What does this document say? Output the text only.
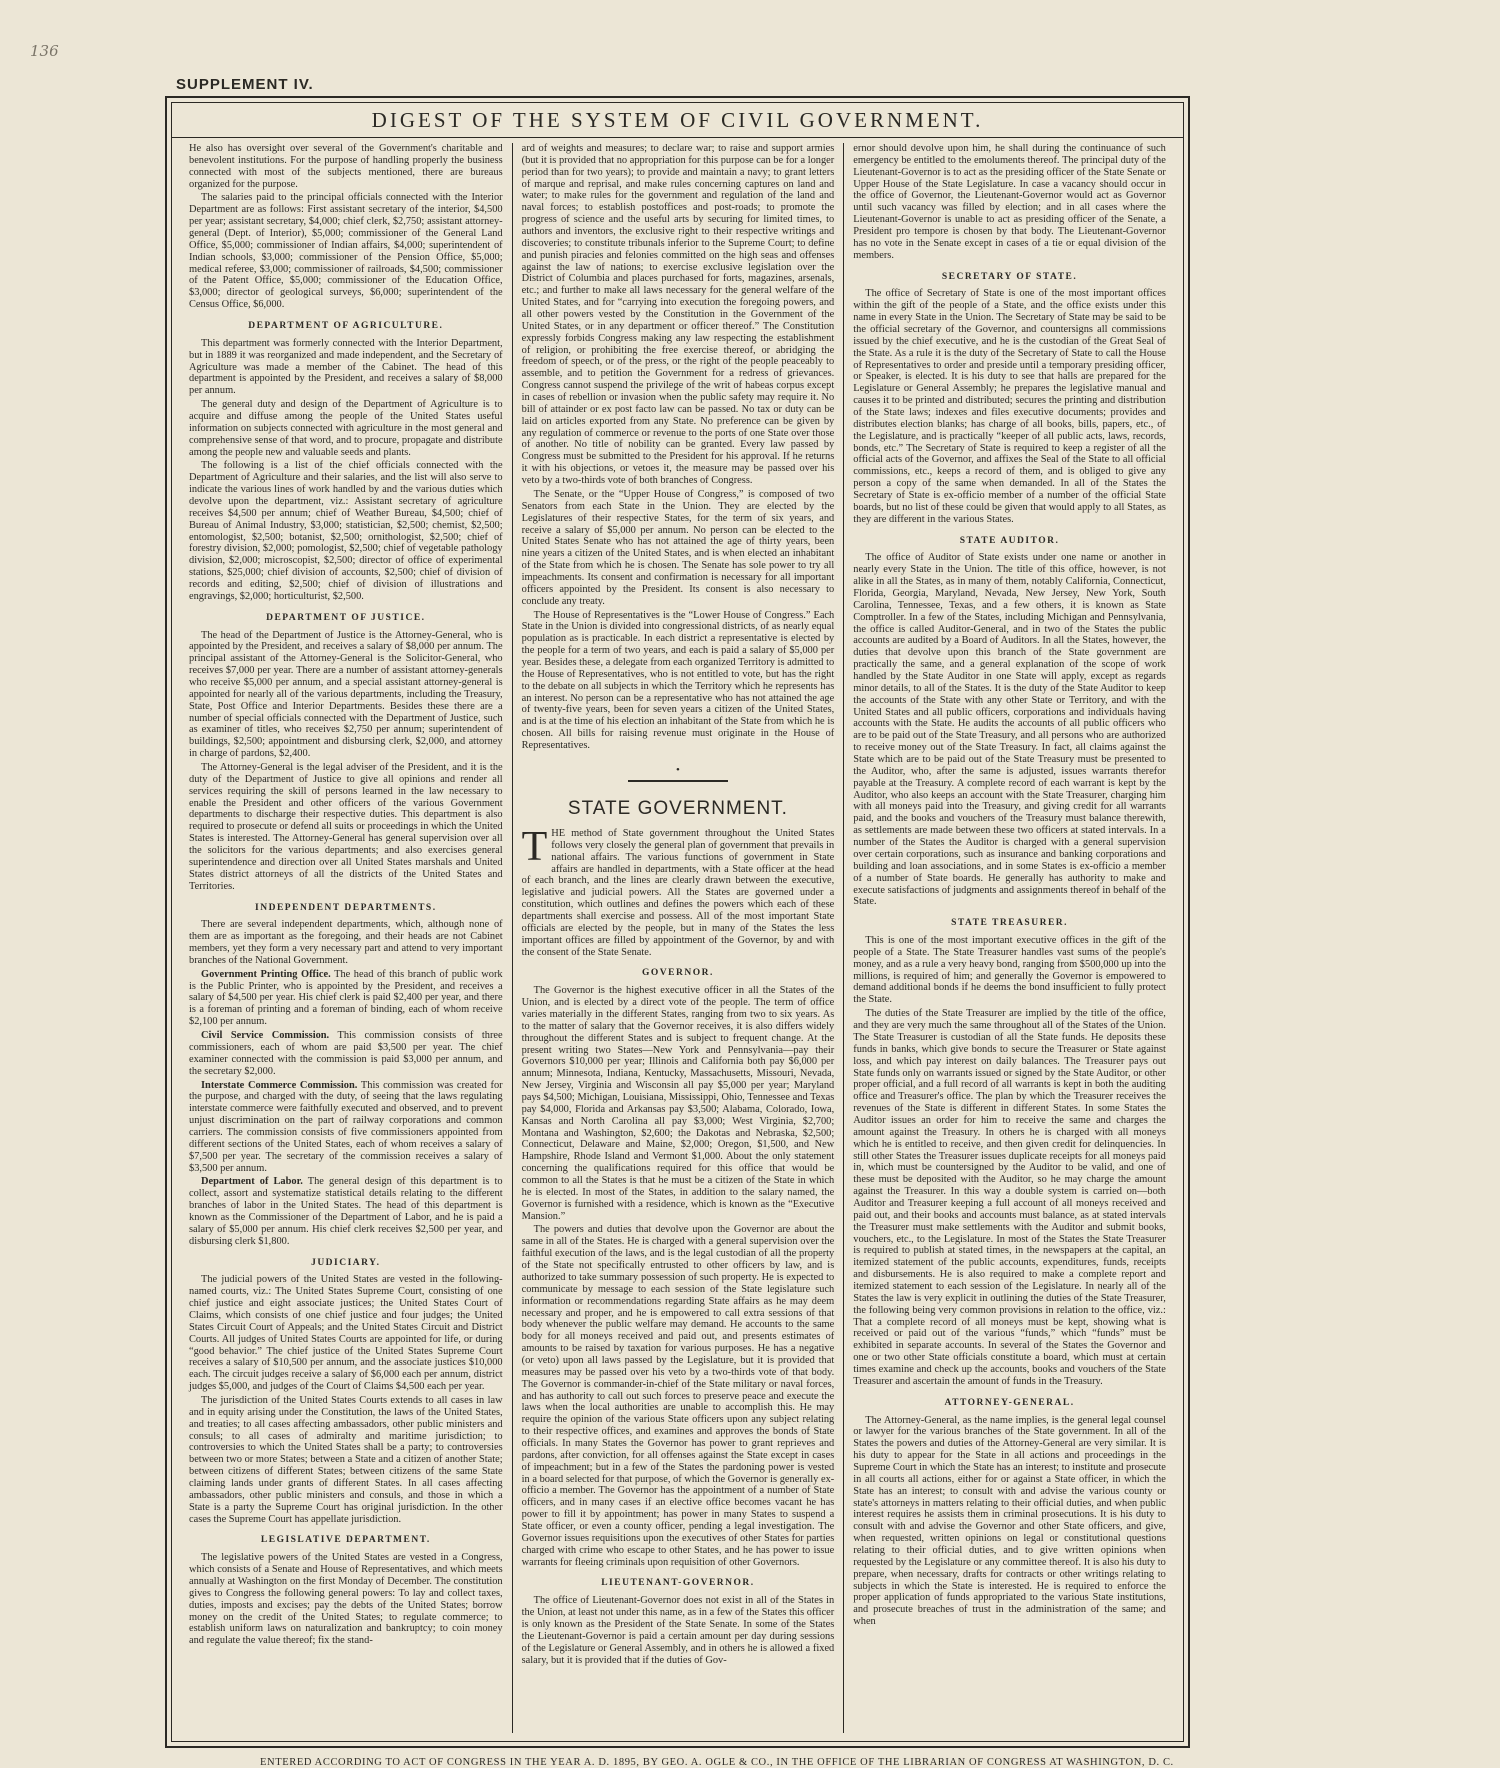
136
SUPPLEMENT IV.
DIGEST OF THE SYSTEM OF CIVIL GOVERNMENT.

He also has oversight over several of the Government's charitable and benevolent institutions. For the purpose of handling properly the business connected with most of the subjects mentioned, there are bureaus organized for the purpose.

The salaries paid to the principal officials connected with the Interior Department are as follows: First assistant secretary of the interior, $4,500 per year; assistant secretary, $4,000; chief clerk, $2,750; assistant attorney-general (Dept. of Interior), $5,000; commissioner of the General Land Office, $5,000; commissioner of Indian affairs, $4,000; superintendent of Indian schools, $3,000; commissioner of the Pension Office, $5,000; medical referee, $3,000; commissioner of railroads, $4,500; commissioner of the Patent Office, $5,000; commissioner of the Education Office, $3,000; director of geological surveys, $6,000; superintendent of the Census Office, $6,000.

DEPARTMENT OF AGRICULTURE.

This department was formerly connected with the Interior Department, but in 1889 it was reorganized and made independent, and the Secretary of Agriculture was made a member of the Cabinet. The head of this department is appointed by the President, and receives a salary of $8,000 per annum.

The general duty and design of the Department of Agriculture is to acquire and diffuse among the people of the United States useful information on subjects connected with agriculture in the most general and comprehensive sense of that word, and to procure, propagate and distribute among the people new and valuable seeds and plants.

The following is a list of the chief officials connected with the Department of Agriculture and their salaries, and the list will also serve to indicate the various lines of work handled by and the various duties which devolve upon the department, viz.: Assistant secretary of agriculture receives $4,500 per annum; chief of Weather Bureau, $4,500; chief of Bureau of Animal Industry, $3,000; statistician, $2,500; chemist, $2,500; entomologist, $2,500; botanist, $2,500; ornithologist, $2,500; chief of forestry division, $2,000; pomologist, $2,500; chief of vegetable pathology division, $2,000; microscopist, $2,500; director of office of experimental stations, $25,000; chief division of accounts, $2,500; chief of division of records and editing, $2,500; chief of division of illustrations and engravings, $2,000; horticulturist, $2,500.

DEPARTMENT OF JUSTICE.

The head of the Department of Justice is the Attorney-General, who is appointed by the President, and receives a salary of $8,000 per annum. The principal assistant of the Attorney-General is the Solicitor-General, who receives $7,000 per year. There are a number of assistant attorney-generals who receive $5,000 per annum, and a special assistant attorney-general is appointed for nearly all of the various departments, including the Treasury, State, Post Office and Interior Departments. Besides these there are a number of special officials connected with the Department of Justice, such as examiner of titles, who receives $2,750 per annum; superintendent of buildings, $2,500; appointment and disbursing clerk, $2,000, and attorney in charge of pardons, $2,400.

The Attorney-General is the legal adviser of the President, and it is the duty of the Department of Justice to give all opinions and render all services requiring the skill of persons learned in the law necessary to enable the President and other officers of the various Government departments to discharge their respective duties. This department is also required to prosecute or defend all suits or proceedings in which the United States is interested. The Attorney-General has general supervision over all the solicitors for the various departments; and also exercises general superintendence and direction over all United States marshals and United States district attorneys of all the districts of the United States and Territories.

INDEPENDENT DEPARTMENTS.

There are several independent departments, which, although none of them are as important as the foregoing, and their heads are not Cabinet members, yet they form a very necessary part and attend to very important branches of the National Government.

Government Printing Office. The head of this branch of public work is the Public Printer, who is appointed by the President, and receives a salary of $4,500 per year. His chief clerk is paid $2,400 per year, and there is a foreman of printing and a foreman of binding, each of whom receive $2,100 per annum.

Civil Service Commission. This commission consists of three commissioners, each of whom are paid $3,500 per year. The chief examiner connected with the commission is paid $3,000 per annum, and the secretary $2,000.

Interstate Commerce Commission. This commission was created for the purpose, and charged with the duty, of seeing that the laws regulating interstate commerce were faithfully executed and observed, and to prevent unjust discrimination on the part of railway corporations and common carriers. The commission consists of five commissioners appointed from different sections of the United States, each of whom receives a salary of $7,500 per year. The secretary of the commission receives a salary of $3,500 per annum.

Department of Labor. The general design of this department is to collect, assort and systematize statistical details relating to the different branches of labor in the United States. The head of this department is known as the Commissioner of the Department of Labor, and he is paid a salary of $5,000 per annum. His chief clerk receives $2,500 per year, and disbursing clerk $1,800.

JUDICIARY.

The judicial powers of the United States are vested in the following-named courts, viz.: The United States Supreme Court, consisting of one chief justice and eight associate justices; the United States Court of Claims, which consists of one chief justice and four judges; the United States Circuit Court of Appeals; and the United States Circuit and District Courts. All judges of United States Courts are appointed for life, or during “good behavior.” The chief justice of the United States Supreme Court receives a salary of $10,500 per annum, and the associate justices $10,000 each. The circuit judges receive a salary of $6,000 each per annum, district judges $5,000, and judges of the Court of Claims $4,500 each per year.

The jurisdiction of the United States Courts extends to all cases in law and in equity arising under the Constitution, the laws of the United States, and treaties; to all cases affecting ambassadors, other public ministers and consuls; to all cases of admiralty and maritime jurisdiction; to controversies to which the United States shall be a party; to controversies between two or more States; between a State and a citizen of another State; between citizens of different States; between citizens of the same State claiming lands under grants of different States. In all cases affecting ambassadors, other public ministers and consuls, and those in which a State is a party the Supreme Court has original jurisdiction. In the other cases the Supreme Court has appellate jurisdiction.

LEGISLATIVE DEPARTMENT.

The legislative powers of the United States are vested in a Congress, which consists of a Senate and House of Representatives, and which meets annually at Washington on the first Monday of December. The constitution gives to Congress the following general powers: To lay and collect taxes, duties, imposts and excises; pay the debts of the United States; borrow money on the credit of the United States; to regulate commerce; to establish uniform laws on naturalization and bankruptcy; to coin money and regulate the value thereof; fix the stand-

ard of weights and measures; to declare war; to raise and support armies (but it is provided that no appropriation for this purpose can be for a longer period than for two years); to provide and maintain a navy; to grant letters of marque and reprisal, and make rules concerning captures on land and water; to make rules for the government and regulation of the land and naval forces; to establish postoffices and post-roads; to promote the progress of science and the useful arts by securing for limited times, to authors and inventors, the exclusive right to their respective writings and discoveries; to constitute tribunals inferior to the Supreme Court; to define and punish piracies and felonies committed on the high seas and offenses against the law of nations; to exercise exclusive legislation over the District of Columbia and places purchased for forts, magazines, arsenals, etc.; and further to make all laws necessary for the general welfare of the United States, and for “carrying into execution the foregoing powers, and all other powers vested by the Constitution in the Government of the United States, or in any department or officer thereof.” The Constitution expressly forbids Congress making any law respecting the establishment of religion, or prohibiting the free exercise thereof, or abridging the freedom of speech, or of the press, or the right of the people peaceably to assemble, and to petition the Government for a redress of grievances. Congress cannot suspend the privilege of the writ of habeas corpus except in cases of rebellion or invasion when the public safety may require it. No bill of attainder or ex post facto law can be passed. No tax or duty can be laid on articles exported from any State. No preference can be given by any regulation of commerce or revenue to the ports of one State over those of another. No title of nobility can be granted. Every law passed by Congress must be submitted to the President for his approval. If he returns it with his objections, or vetoes it, the measure may be passed over his veto by a two-thirds vote of both branches of Congress.

The Senate, or the “Upper House of Congress,” is composed of two Senators from each State in the Union. They are elected by the Legislatures of their respective States, for the term of six years, and receive a salary of $5,000 per annum. No person can be elected to the United States Senate who has not attained the age of thirty years, been nine years a citizen of the United States, and is when elected an inhabitant of the State from which he is chosen. The Senate has sole power to try all impeachments. Its consent and confirmation is necessary for all important officers appointed by the President. Its consent is also necessary to conclude any treaty.

The House of Representatives is the “Lower House of Congress.” Each State in the Union is divided into congressional districts, of as nearly equal population as is practicable. In each district a representative is elected by the people for a term of two years, and each is paid a salary of $5,000 per year. Besides these, a delegate from each organized Territory is admitted to the House of Representatives, who is not entitled to vote, but has the right to the debate on all subjects in which the Territory which he represents has an interest. No person can be a representative who has not attained the age of twenty-five years, been for seven years a citizen of the United States, and is at the time of his election an inhabitant of the State from which he is chosen. All bills for raising revenue must originate in the House of Representatives.

•
STATE GOVERNMENT.

THE method of State government throughout the United States follows very closely the general plan of government that prevails in national affairs. The various functions of government in State affairs are handled in departments, with a State officer at the head of each branch, and the lines are clearly drawn between the executive, legislative and judicial powers. All the States are governed under a constitution, which outlines and defines the powers which each of these departments shall exercise and possess. All of the most important State officials are elected by the people, but in many of the States the less important offices are filled by appointment of the Governor, by and with the consent of the State Senate.

GOVERNOR.

The Governor is the highest executive officer in all the States of the Union, and is elected by a direct vote of the people. The term of office varies materially in the different States, ranging from two to six years. As to the matter of salary that the Governor receives, it is also differs widely throughout the different States and is subject to frequent change. At the present writing two States—New York and Pennsylvania—pay their Governors $10,000 per year; Illinois and California both pay $6,000 per annum; Minnesota, Indiana, Kentucky, Massachusetts, Missouri, Nevada, New Jersey, Virginia and Wisconsin all pay $5,000 per year; Maryland pays $4,500; Michigan, Louisiana, Mississippi, Ohio, Tennessee and Texas pay $4,000, Florida and Arkansas pay $3,500; Alabama, Colorado, Iowa, Kansas and North Carolina all pay $3,000; West Virginia, $2,700; Montana and Washington, $2,600; the Dakotas and Nebraska, $2,500; Connecticut, Delaware and Maine, $2,000; Oregon, $1,500, and New Hampshire, Rhode Island and Vermont $1,000. About the only statement concerning the qualifications required for this office that would be common to all the States is that he must be a citizen of the State in which he is elected. In most of the States, in addition to the salary named, the Governor is furnished with a residence, which is known as the “Executive Mansion.”

The powers and duties that devolve upon the Governor are about the same in all of the States. He is charged with a general supervision over the faithful execution of the laws, and is the legal custodian of all the property of the State not specifically entrusted to other officers by law, and is authorized to take summary possession of such property. He is expected to communicate by message to each session of the State legislature such information or recommendations regarding State affairs as he may deem necessary and proper, and he is empowered to call extra sessions of that body whenever the public welfare may demand. He accounts to the same body for all moneys received and paid out, and presents estimates of amounts to be raised by taxation for various purposes. He has a negative (or veto) upon all laws passed by the Legislature, but it is provided that measures may be passed over his veto by a two-thirds vote of that body. The Governor is commander-in-chief of the State military or naval forces, and has authority to call out such forces to preserve peace and execute the laws when the local authorities are unable to accomplish this. He may require the opinion of the various State officers upon any subject relating to their respective offices, and examines and approves the bonds of State officials. In many States the Governor has power to grant reprieves and pardons, after conviction, for all offenses against the State except in cases of impeachment; but in a few of the States the pardoning power is vested in a board selected for that purpose, of which the Governor is generally ex-officio a member. The Governor has the appointment of a number of State officers, and in many cases if an elective office becomes vacant he has power to fill it by appointment; has power in many States to suspend a State officer, or even a county officer, pending a legal investigation. The Governor issues requisitions upon the executives of other States for parties charged with crime who escape to other States, and he has power to issue warrants for fleeing criminals upon requisition of other Governors.

LIEUTENANT-GOVERNOR.

The office of Lieutenant-Governor does not exist in all of the States in the Union, at least not under this name, as in a few of the States this officer is only known as the President of the State Senate. In some of the States the Lieutenant-Governor is paid a certain amount per day during sessions of the Legislature or General Assembly, and in others he is allowed a fixed salary, but it is provided that if the duties of Gov-

ernor should devolve upon him, he shall during the continuance of such emergency be entitled to the emoluments thereof. The principal duty of the Lieutenant-Governor is to act as the presiding officer of the State Senate or Upper House of the State Legislature. In case a vacancy should occur in the office of Governor, the Lieutenant-Governor would act as Governor until such vacancy was filled by election; and in all cases where the Lieutenant-Governor is unable to act as presiding officer of the Senate, a President pro tempore is chosen by that body. The Lieutenant-Governor has no vote in the Senate except in cases of a tie or equal division of the members.

SECRETARY OF STATE.

The office of Secretary of State is one of the most important offices within the gift of the people of a State, and the office exists under this name in every State in the Union. The Secretary of State may be said to be the official secretary of the Governor, and countersigns all commissions issued by the chief executive, and he is the custodian of the Great Seal of the State. As a rule it is the duty of the Secretary of State to call the House of Representatives to order and preside until a temporary presiding officer, or Speaker, is elected. It is his duty to see that halls are prepared for the Legislature or General Assembly; he prepares the legislative manual and causes it to be printed and distributed; secures the printing and distribution of the State laws; indexes and files executive documents; provides and distributes election blanks; has charge of all books, bills, papers, etc., of the Legislature, and is practically “keeper of all public acts, laws, records, bonds, etc.” The Secretary of State is required to keep a register of all the official acts of the Governor, and affixes the Seal of the State to all official commissions, etc., keeps a record of them, and is obliged to give any person a copy of the same when demanded. In all of the States the Secretary of State is ex-officio member of a number of the official State boards, but no list of these could be given that would apply to all States, as they are different in the various States.

STATE AUDITOR.

The office of Auditor of State exists under one name or another in nearly every State in the Union. The title of this office, however, is not alike in all the States, as in many of them, notably California, Connecticut, Florida, Georgia, Maryland, Nevada, New Jersey, New York, South Carolina, Tennessee, Texas, and a few others, it is known as State Comptroller. In a few of the States, including Michigan and Pennsylvania, the office is called Auditor-General, and in two of the States the public accounts are audited by a Board of Auditors. In all the States, however, the duties that devolve upon this branch of the State government are practically the same, and a general explanation of the scope of work handled by the State Auditor in one State will apply, except as regards minor details, to all of the States. It is the duty of the State Auditor to keep the accounts of the State with any other State or Territory, and with the United States and all public officers, corporations and individuals having accounts with the State. He audits the accounts of all public officers who are to be paid out of the State Treasury, and all persons who are authorized to receive money out of the State Treasury. In fact, all claims against the State which are to be paid out of the State Treasury must be presented to the Auditor, who, after the same is adjusted, issues warrants therefor payable at the Treasury. A complete record of each warrant is kept by the Auditor, who also keeps an account with the State Treasurer, charging him with all moneys paid into the Treasury, and giving credit for all warrants paid, and the books and vouchers of the Treasury must balance therewith, as settlements are made between these two officers at stated intervals. In a number of the States the Auditor is charged with a general supervision over certain corporations, such as insurance and banking corporations and building and loan associations, and in some States is ex-officio a member of a number of State boards. He generally has authority to make and execute satisfactions of judgments and assignments thereof in behalf of the State.

STATE TREASURER.

This is one of the most important executive offices in the gift of the people of a State. The State Treasurer handles vast sums of the people's money, and as a rule a very heavy bond, ranging from $500,000 up into the millions, is required of him; and generally the Governor is empowered to demand additional bonds if he deems the bond insufficient to fully protect the State.

The duties of the State Treasurer are implied by the title of the office, and they are very much the same throughout all of the States of the Union. The State Treasurer is custodian of all the State funds. He deposits these funds in banks, which give bonds to secure the Treasurer or State against loss, and which pay interest on daily balances. The Treasurer pays out State funds only on warrants issued or signed by the State Auditor, or other proper official, and a full record of all warrants is kept in both the auditing office and Treasurer's office. The plan by which the Treasurer receives the revenues of the State is different in different States. In some States the Auditor issues an order for him to receive the same and charges the amount against the Treasury. In others he is charged with all moneys which he is entitled to receive, and then given credit for delinquencies. In still other States the Treasurer issues duplicate receipts for all moneys paid in, which must be countersigned by the Auditor to be valid, and one of these must be deposited with the Auditor, so he may charge the amount against the Treasurer. In this way a double system is carried on—both Auditor and Treasurer keeping a full account of all moneys received and paid out, and their books and accounts must balance, as at stated intervals the Treasurer must make settlements with the Auditor and submit books, vouchers, etc., to the Legislature. In most of the States the State Treasurer is required to publish at stated times, in the newspapers at the capital, an itemized statement of the public accounts, expenditures, funds, receipts and disbursements. He is also required to make a complete report and itemized statement to each session of the Legislature. In nearly all of the States the law is very explicit in outlining the duties of the State Treasurer, the following being very common provisions in relation to the office, viz.: That a complete record of all moneys must be kept, showing what is received or paid out of the various “funds,” which “funds” must be exhibited in separate accounts. In several of the States the Governor and one or two other State officials constitute a board, which must at certain times examine and check up the accounts, books and vouchers of the State Treasurer and ascertain the amount of funds in the Treasury.

ATTORNEY-GENERAL.

The Attorney-General, as the name implies, is the general legal counsel or lawyer for the various branches of the State government. In all of the States the powers and duties of the Attorney-General are very similar. It is his duty to appear for the State in all actions and proceedings in the Supreme Court in which the State has an interest; to institute and prosecute in all courts all actions, either for or against a State officer, in which the State has an interest; to consult with and advise the various county or state's attorneys in matters relating to their official duties, and when public interest requires he assists them in criminal prosecutions. It is his duty to consult with and advise the Governor and other State officers, and give, when requested, written opinions on legal or constitutional questions relating to their official duties, and to give written opinions when requested by the Legislature or any committee thereof. It is also his duty to prepare, when necessary, drafts for contracts or other writings relating to subjects in which the State is interested. He is required to enforce the proper application of funds appropriated to the various State institutions, and prosecute breaches of trust in the administration of the same; and when

ENTERED ACCORDING TO ACT OF CONGRESS IN THE YEAR A. D. 1895, BY GEO. A. OGLE & CO., IN THE OFFICE OF THE LIBRARIAN OF CONGRESS AT WASHINGTON, D. C.
